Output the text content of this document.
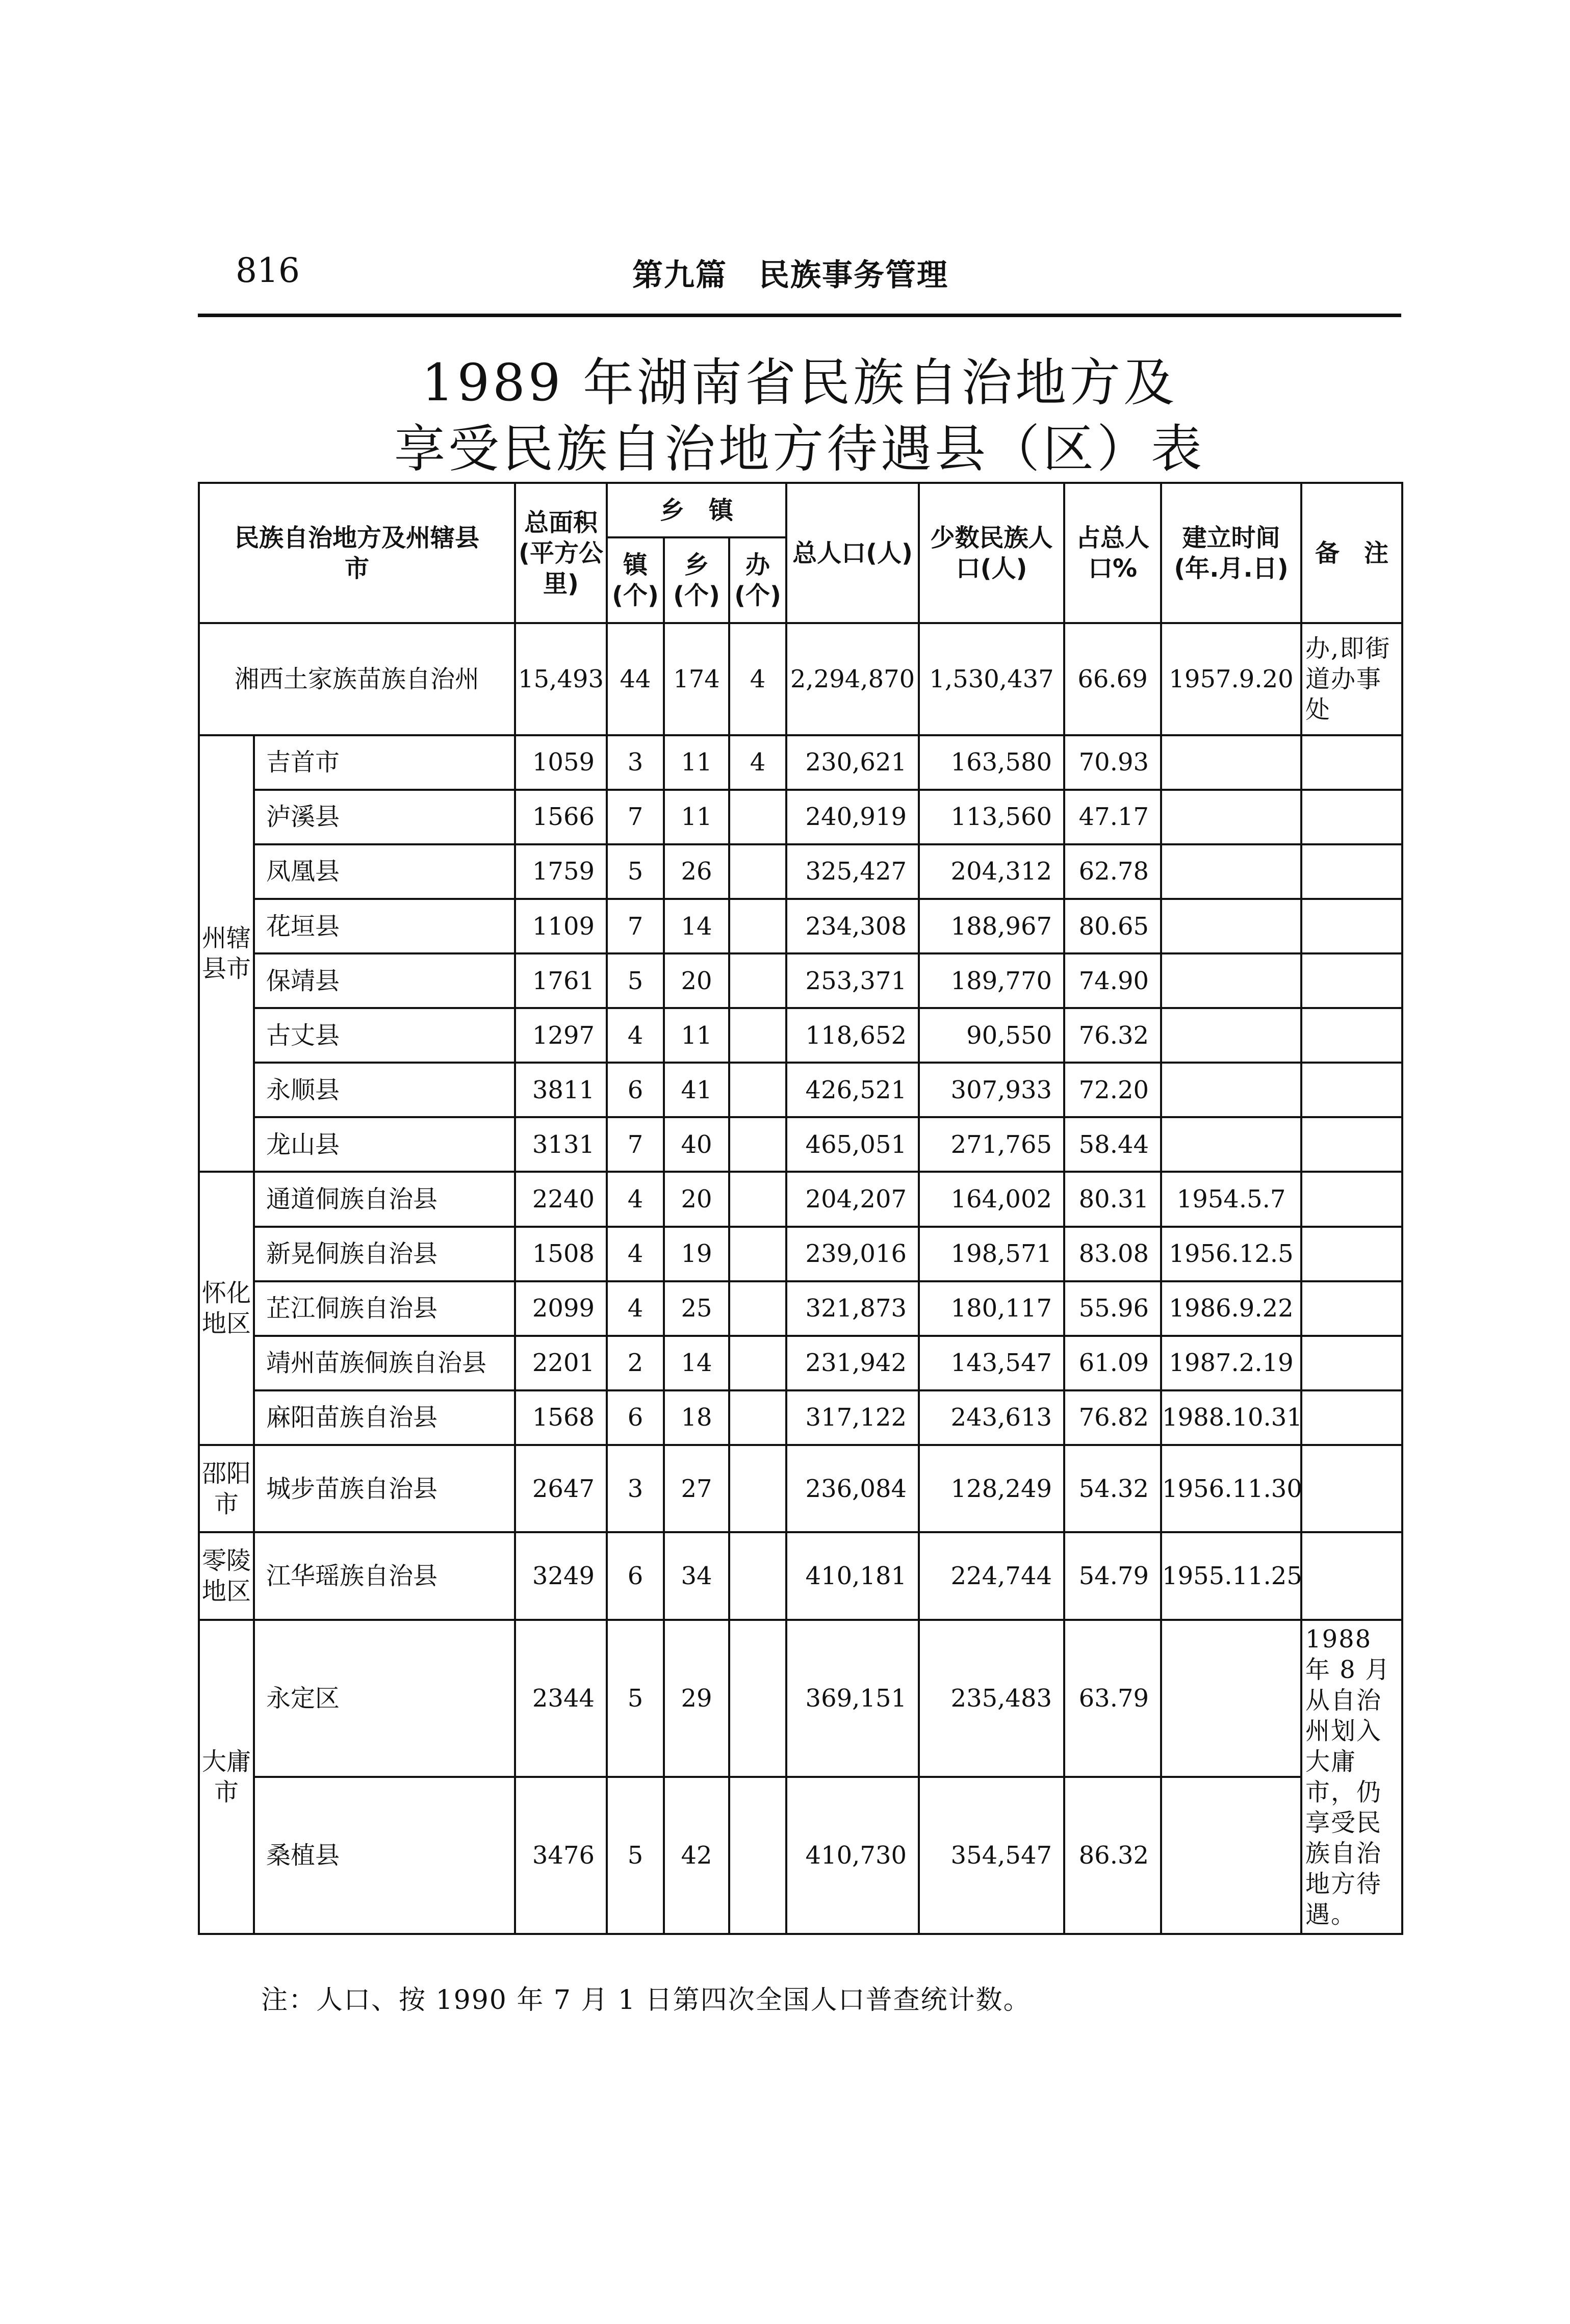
816	第九篇　民族事务管理
1989 年湖南省民族自治地方及
享受民族自治地方待遇县（区）表
民族自治地方及州辖县　　　市		总面积(平方公里)	乡　镇			总人口(人)	少数民族人口(人)	占总人口%	建立时间(年.月.日)	备　注
			镇(个)	乡(个)	办(个)					
湘西土家族苗族自治州		15,493	44	174	4	2,294,870	1,530,437	66.69	1957.9.20	办,即街道办事处
州辖县市	吉首市	1059	3	11	4	230,621	163,580	70.93		
	泸溪县	1566	7	11		240,919	113,560	47.17		
	凤凰县	1759	5	26		325,427	204,312	62.78		
	花垣县	1109	7	14		234,308	188,967	80.65		
	保靖县	1761	5	20		253,371	189,770	74.90		
	古丈县	1297	4	11		118,652	90,550	76.32		
	永顺县	3811	6	41		426,521	307,933	72.20		
	龙山县	3131	7	40		465,051	271,765	58.44		
怀化地区	通道侗族自治县	2240	4	20		204,207	164,002	80.31	1954.5.7	
	新晃侗族自治县	1508	4	19		239,016	198,571	83.08	1956.12.5	
	芷江侗族自治县	2099	4	25		321,873	180,117	55.96	1986.9.22	
	靖州苗族侗族自治县	2201	2	14		231,942	143,547	61.09	1987.2.19	
	麻阳苗族自治县	1568	6	18		317,122	243,613	76.82	1988.10.31	
邵阳市	城步苗族自治县	2647	3	27		236,084	128,249	54.32	1956.11.30	
零陵地区	江华瑶族自治县	3249	6	34		410,181	224,744	54.79	1955.11.25	
大庸市	永定区	2344	5	29		369,151	235,483	63.79		1988 年 8 月从自治州划入大庸市，仍享受民族自治地方待遇。
	桑植县	3476	5	42		410,730	354,547	86.32		
注：人口、按 1990 年 7 月 1 日第四次全国人口普查统计数。
